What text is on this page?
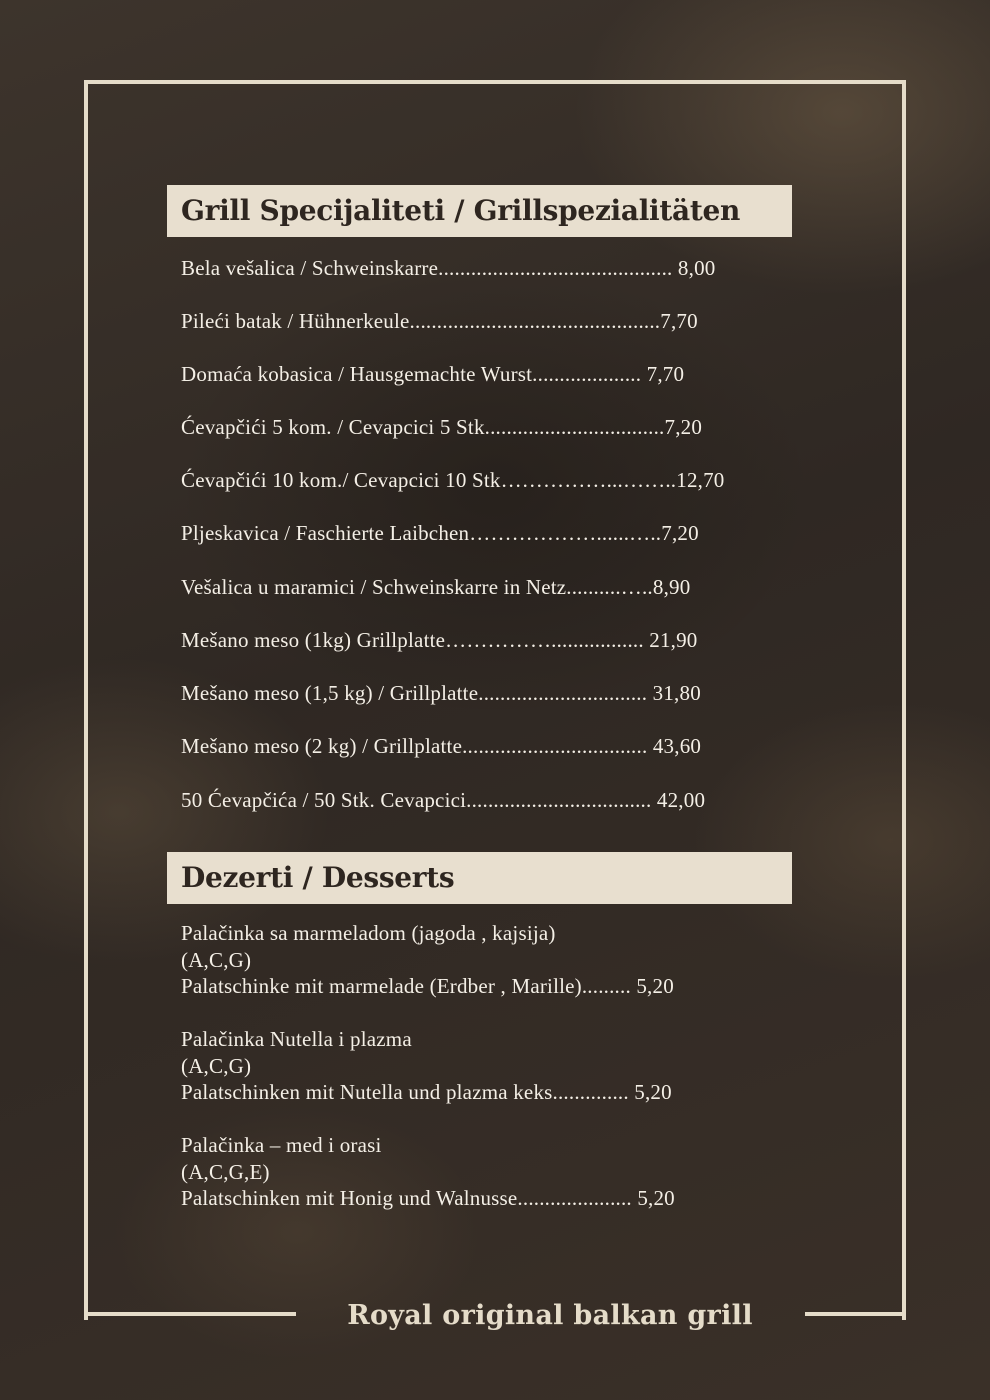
Grill Specijaliteti / Grillspezialitäten
Bela vešalica / Schweinskarre........................................... 8,00
Pileći batak / Hühnerkeule..............................................7,70
Domaća kobasica / Hausgemachte Wurst.................... 7,70
Ćevapčići 5 kom. / Cevapcici 5 Stk.................................7,20
Ćevapčići 10 kom./ Cevapcici 10 Stk……………...……..12,70
Pljeskavica / Faschierte Laibchen………………......…..7,20
Vešalica u maramici / Schweinskarre in Netz..........…..8,90
Mešano meso (1kg) Grillplatte……………................. 21,90
Mešano meso (1,5 kg) / Grillplatte............................... 31,80
Mešano meso (2 kg) / Grillplatte.................................. 43,60
50 Ćevapčića / 50 Stk. Cevapcici.................................. 42,00
Dezerti / Desserts
Palačinka sa marmeladom (jagoda , kajsija)
(A,C,G)
Palatschinke mit marmelade (Erdber , Marille)......... 5,20
Palačinka Nutella i plazma
(A,C,G)
Palatschinken mit Nutella und plazma keks.............. 5,20
Palačinka – med i orasi
(A,C,G,E)
Palatschinken mit Honig und Walnusse..................... 5,20
Royal original balkan grill
